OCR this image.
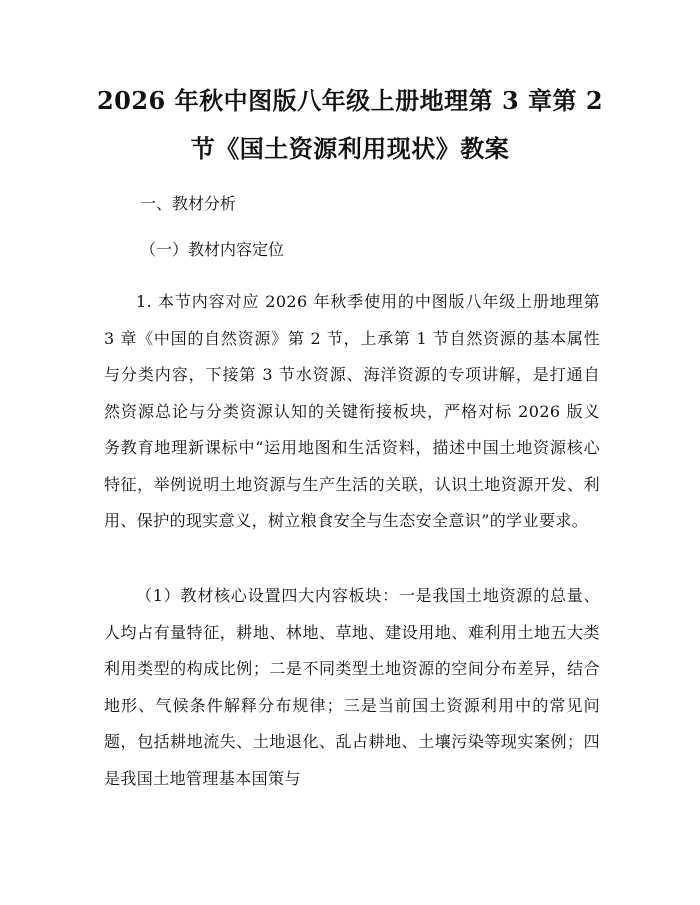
2026 年秋中图版八年级上册地理第 3 章第 2
节《国土资源利用现状》教案

一、教材分析

（一）教材内容定位

1. 本节内容对应 2026 年秋季使用的中图版八年级上册地理第 3 章《中国的自然资源》第 2 节，上承第 1 节自然资源的基本属性与分类内容，下接第 3 节水资源、海洋资源的专项讲解，是打通自然资源总论与分类资源认知的关键衔接板块，严格对标 2026 版义务教育地理新课标中“运用地图和生活资料，描述中国土地资源核心特征，举例说明土地资源与生产生活的关联，认识土地资源开发、利用、保护的现实意义，树立粮食安全与生态安全意识”的学业要求。

（1）教材核心设置四大内容板块：一是我国土地资源的总量、人均占有量特征，耕地、林地、草地、建设用地、难利用土地五大类利用类型的构成比例；二是不同类型土地资源的空间分布差异，结合地形、气候条件解释分布规律；三是当前国土资源利用中的常见问题，包括耕地流失、土地退化、乱占耕地、土壤污染等现实案例；四是我国土地管理基本国策与
